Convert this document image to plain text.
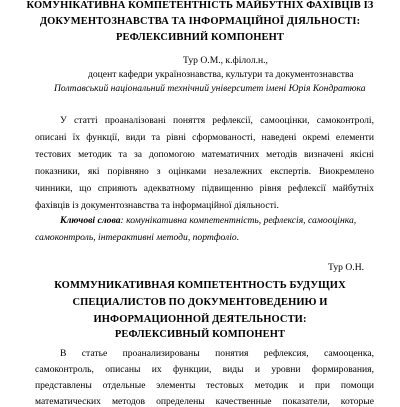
КОМУНІКАТИВНА КОМПЕТЕНТНІСТЬ МАЙБУТНІХ ФАХІВЦІВ ІЗ

ДОКУМЕНТОЗНАВСТВА ТА ІНФОРМАЦІЙНОЇ ДІЯЛЬНОСТІ:

РЕФЛЕКСИВНИЙ КОМПОНЕНТ

Тур О.М., к.філол.н.,

доцент кафедри українознавства, культури та документознавства

Полтавський національний технічний університет імені Юрія Кондратюка

У статті проаналізовані поняття рефлексії, самооцінки, самоконтролі,

описані їх функції, види та рівні сформованості, наведені окремі елементи

тестових методик та за допомогою математичних методів визначені якісні

показники, які порівняно з оцінками незалежних експертів. Виокремлено

чинники, що сприяють адекватному підвищенню рівня рефлексії майбутніх

фахівців із документознавства та інформаційної діяльності.

Ключові слова: комунікативна компетентність, рефлексія, самооцінка,

самоконтроль, інтерактивні методи, портфоліо.

Тур О.Н.

КОММУНИКАТИВНАЯ КОМПЕТЕНТНОСТЬ БУДУЩИХ

СПЕЦИАЛИСТОВ ПО ДОКУМЕНТОВЕДЕНИЮ И

ИНФОРМАЦИОННОЙ ДЕЯТЕЛЬНОСТИ:

РЕФЛЕКСИВНЫЙ КОМПОНЕНТ

В статье проанализированы понятия рефлексия, самооценка,

самоконтроль, описаны их функции, виды и уровни формирования,

представлены отдельные элементы тестовых методик и при помощи

математических методов определены качественные показатели, которые
